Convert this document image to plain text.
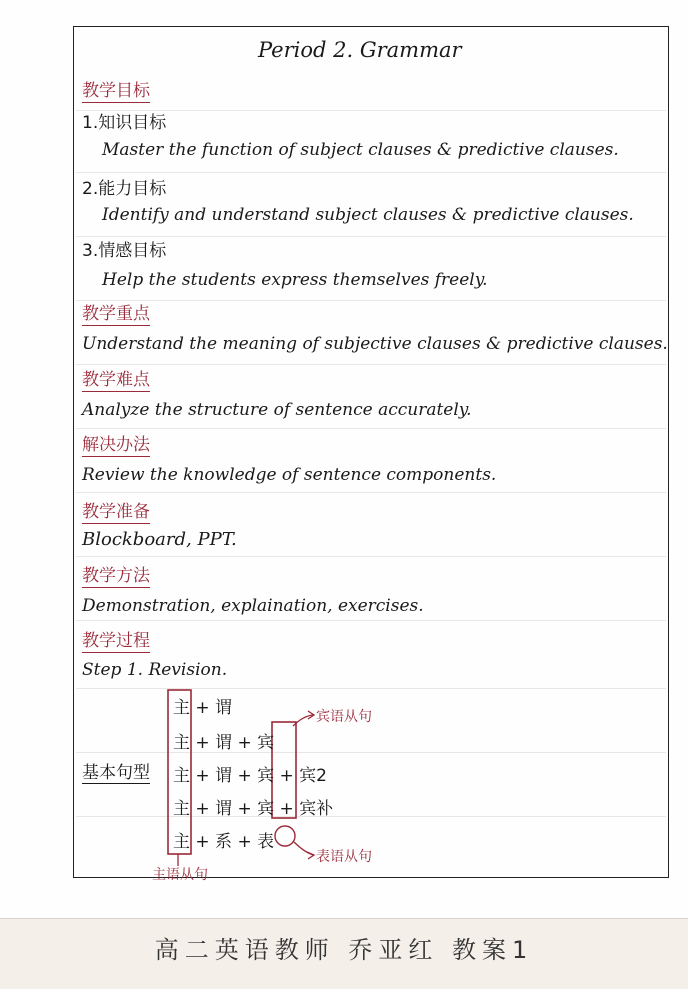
Period 2. Grammar
教学目标
1.知识目标
Master the function of subject clauses & predictive clauses.
2.能力目标
Identify and understand subject clauses & predictive clauses.
3.情感目标
Help the students express themselves freely.
教学重点
Understand the meaning of subjective clauses & predictive clauses.
教学难点
Analyze the structure of sentence accurately.
解决办法
Review the knowledge of sentence components.
教学准备
Blockboard, PPT.
教学方法
Demonstration, explaination, exercises.
教学过程
Step 1. Revision.
基本句型
主 + 谓
主 + 谓 + 宾
主 + 谓 + 宾 + 宾2
主 + 谓 + 宾 + 宾补
主 + 系 + 表
宾语从句
表语从句
主语从句
高二英语教师 乔亚红 教案1
